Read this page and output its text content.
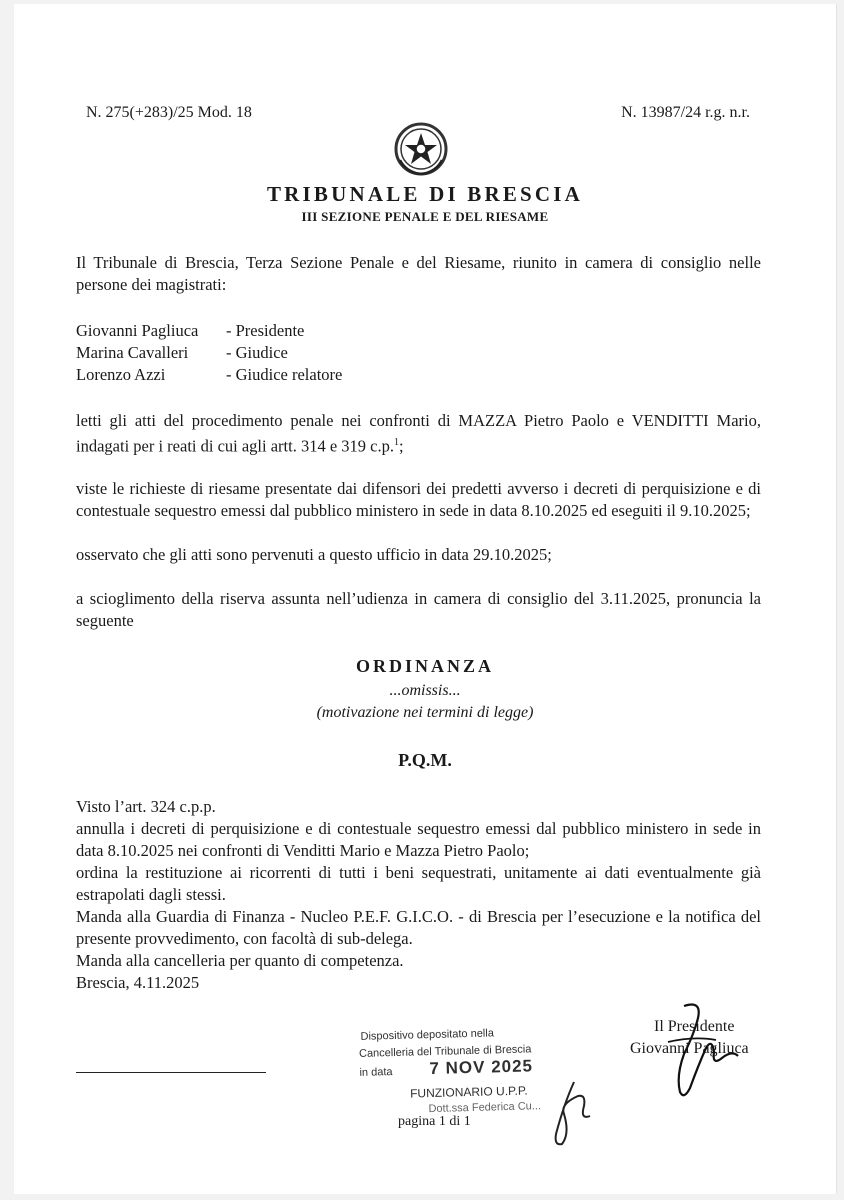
N. 275(+283)/25 Mod. 18	N. 13987/24 r.g. n.r.
TRIBUNALE DI BRESCIA
III SEZIONE PENALE E DEL RIESAME
Il Tribunale di Brescia, Terza Sezione Penale e del Riesame, riunito in camera di consiglio nelle persone dei magistrati:
Giovanni Pagliuca	- Presidente
Marina Cavalleri	- Giudice
Lorenzo Azzi	- Giudice relatore
letti gli atti del procedimento penale nei confronti di MAZZA Pietro Paolo e VENDITTI Mario, indagati per i reati di cui agli artt. 314 e 319 c.p.$^1$;
viste le richieste di riesame presentate dai difensori dei predetti avverso i decreti di perquisizione e di contestuale sequestro emessi dal pubblico ministero in sede in data 8.10.2025 ed eseguiti il 9.10.2025;
osservato che gli atti sono pervenuti a questo ufficio in data 29.10.2025;
a scioglimento della riserva assunta nell’udienza in camera di consiglio del 3.11.2025, pronuncia la seguente
ORDINANZA
...omissis...
(motivazione nei termini di legge)
P.Q.M.
Visto l’art. 324 c.p.p.
annulla i decreti di perquisizione e di contestuale sequestro emessi dal pubblico ministero in sede in data 8.10.2025 nei confronti di Venditti Mario e Mazza Pietro Paolo;
ordina la restituzione ai ricorrenti di tutti i beni sequestrati, unitamente ai dati eventualmente già estrapolati dagli stessi.
Manda alla Guardia di Finanza - Nucleo P.E.F. G.I.C.O. - di Brescia per l’esecuzione e la notifica del presente provvedimento, con facoltà di sub-delega.
Manda alla cancelleria per quanto di competenza.
Brescia, 4.11.2025
Dispositivo depositato nella
Cancelleria del Tribunale di Brescia
in data 7 NOV 2025
FUNZIONARIO U.P.P.
Dott.ssa Federica Cu...
pagina 1 di 1
Il Presidente
Giovanni Pagliuca
